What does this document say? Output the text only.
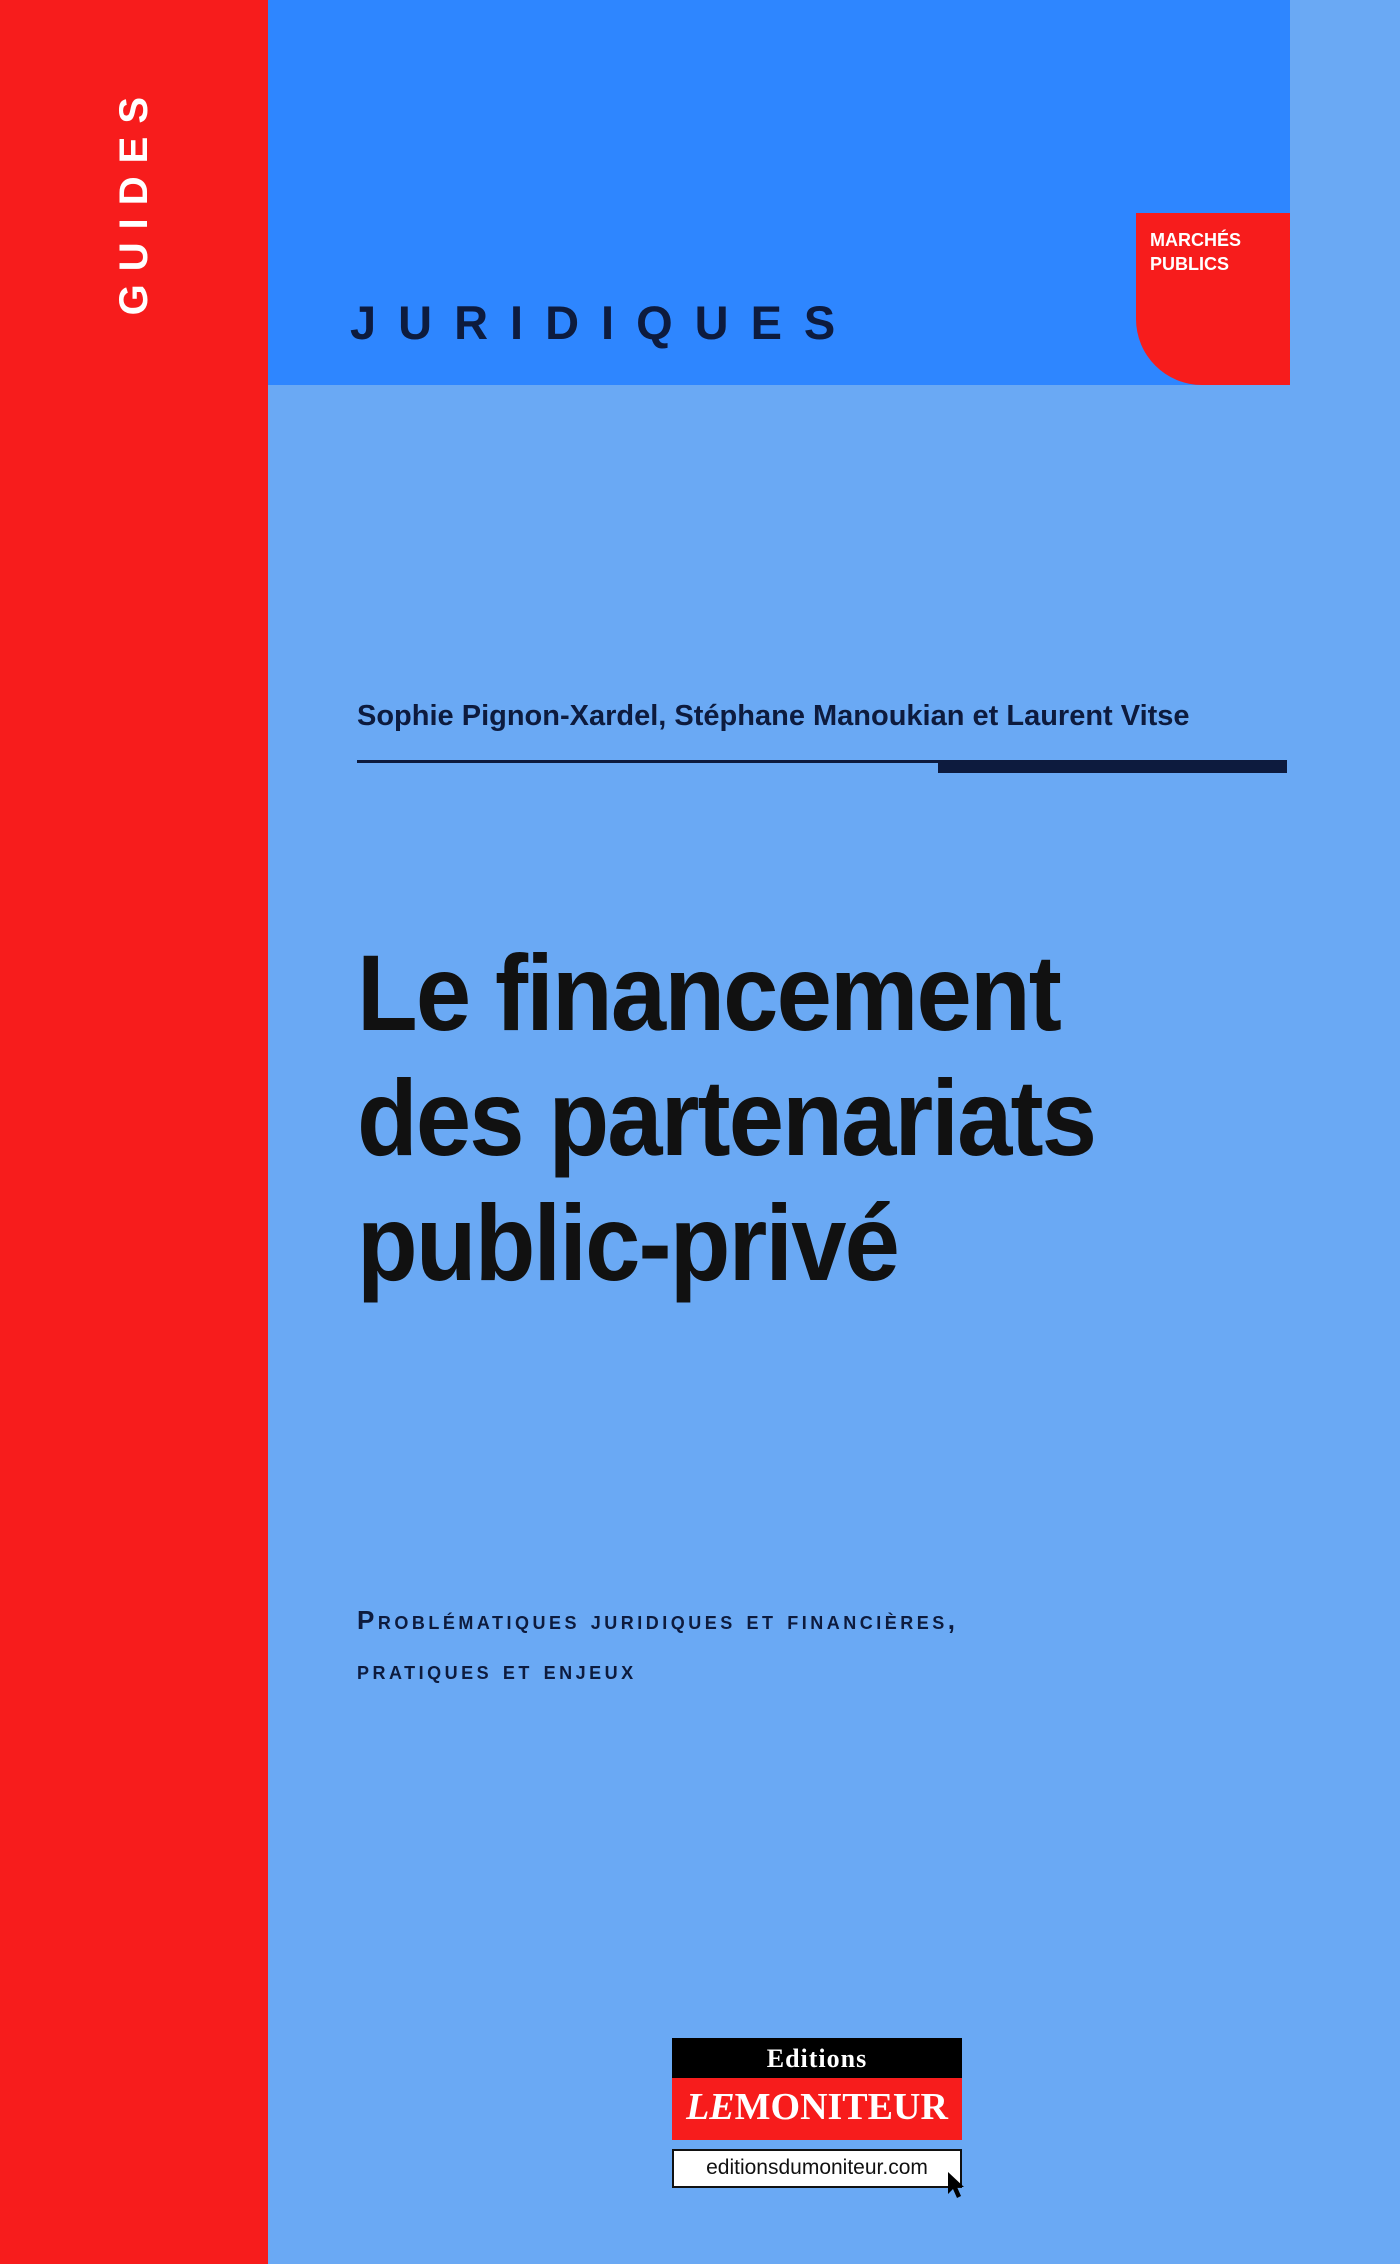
GUIDES
JURIDIQUES
MARCHÉS
PUBLICS
Sophie Pignon-Xardel, Stéphane Manoukian et Laurent Vitse
Le financement
des partenariats
public-privé
Problématiques juridiques et financières,
pratiques et enjeux
Editions
LEMONITEUR
editionsdumoniteur.com
